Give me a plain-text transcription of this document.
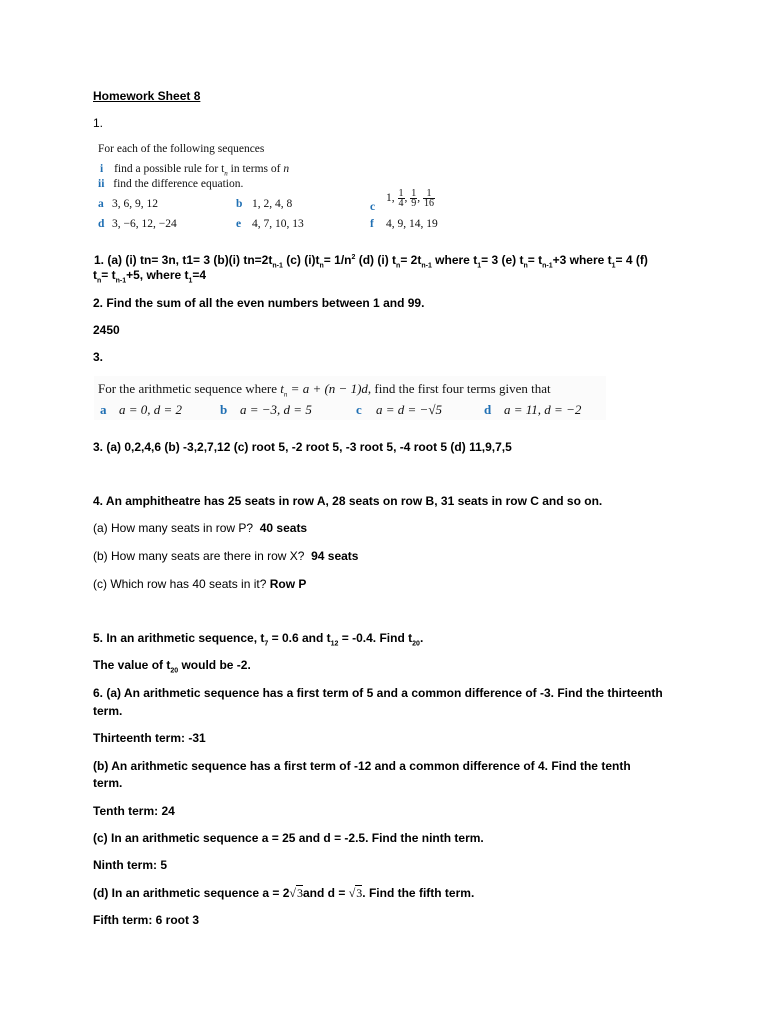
Homework Sheet 8
1.
For each of the following sequences
i find a possible rule for $t_n$ in terms of n
ii find the difference equation.
a 3, 6, 9, 12	b 1, 2, 4, 8	c
1, $\frac{1}{4}$ , $\frac{1}{9}$ , $\frac{1}{16}$
d 3, −6, 12, −24	e 4, 7, 10, 13	f 4, 9, 14, 19
1. (a) (i) tn= 3n, t1= 3 (b)(i) $tn=2t_{n-1}$ (c) $(i)t_n= 1/n^2$ (d) (i) $t_n= 2t_{n-1}$ where $t_1= 3$ (e) $t_n= t_{n-1}+3$ where $t_1= 4$ (f)
$t_n= t_{n-1}+5$, where $t_1=4$
2. Find the sum of all the even numbers between 1 and 99.
2450
3.
For the arithmetic sequence where $t_n = a + (n - 1)d$, find the first four terms given that
a a = 0, d = 2	b a = −3, d = 5	c a = d = −√5	d a = 11, d = −2
3. (a) 0,2,4,6 (b) -3,2,7,12 (c) root 5, -2 root 5, -3 root 5, -4 root 5 (d) 11,9,7,5
4. An amphitheatre has 25 seats in row A, 28 seats on row B, 31 seats in row C and so on.
(a) How many seats in row P? 40 seats
(b) How many seats are there in row X? 94 seats
(c) Which row has 40 seats in it? Row P
5. In an arithmetic sequence, $t_7 = 0.6$ and $t_{12} = -0.4$. Find $t_{20}$.
The value of $t_{20}$ would be -2.
6. (a) An arithmetic sequence has a first term of 5 and a common difference of -3. Find the thirteenth
term.
Thirteenth term: -31
(b) An arithmetic sequence has a first term of -12 and a common difference of 4. Find the tenth
term.
Tenth term: 24
(c) In an arithmetic sequence a = 25 and d = -2.5. Find the ninth term.
Ninth term: 5
(d) In an arithmetic sequence a = 2√3and d = √3. Find the fifth term.
Fifth term: 6 root 3
